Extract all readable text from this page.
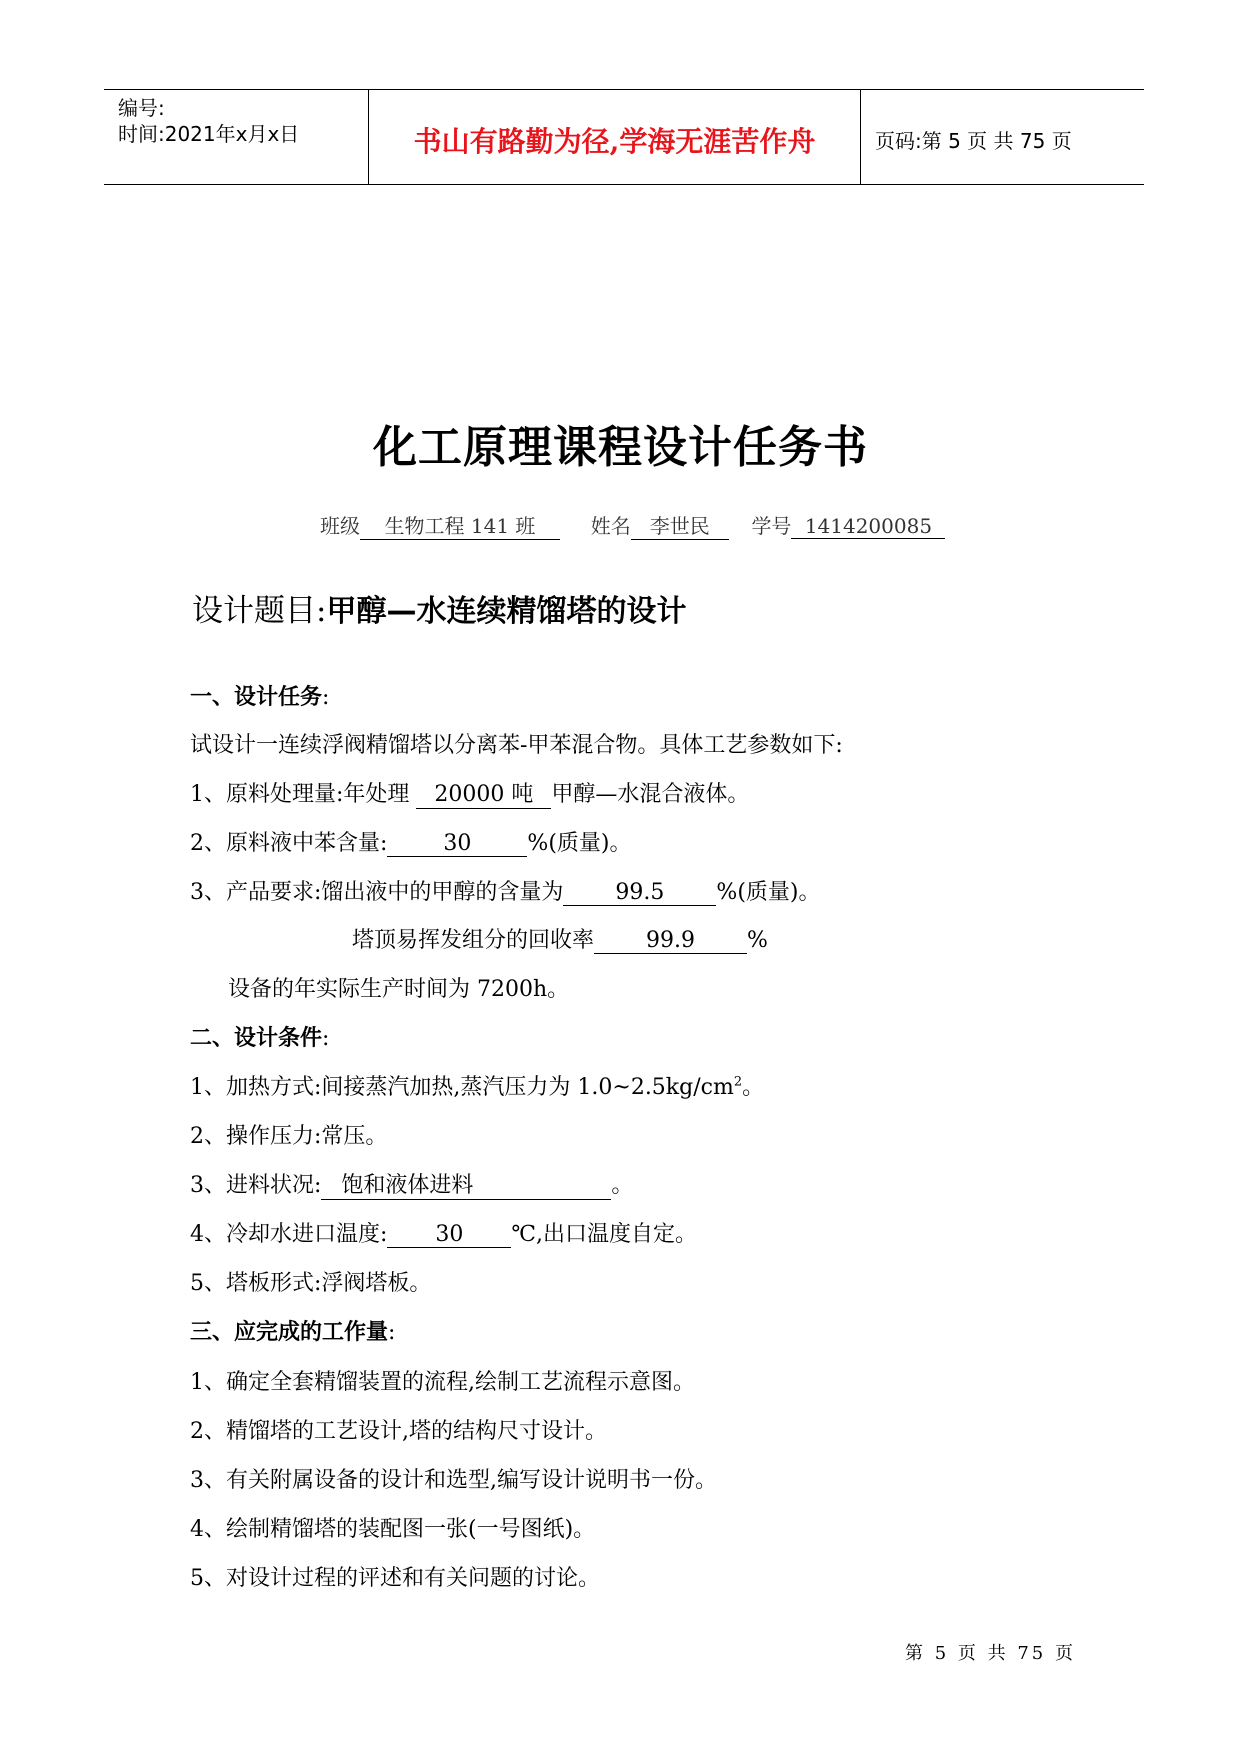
编号:
时间:2021年x月x日	书山有路勤为径,学海无涯苦作舟	页码:第 5 页 共 75 页
化工原理课程设计任务书
班级 生物工程 141 班	姓名 李世民 学号 1414200085
设计题目:甲醇—水连续精馏塔的设计
一、设计任务:
试设计一连续浮阀精馏塔以分离苯-甲苯混合物。具体工艺参数如下:
1、原料处理量:年处理 20000 吨 甲醇—水混合液体。
2、原料液中苯含量:	30	%(质量)。
3、产品要求:馏出液中的甲醇的含量为 99.5 %(质量)。
塔顶易挥发组分的回收率 99.9 %
设备的年实际生产时间为 7200h。
二、设计条件:
1、加热方式:间接蒸汽加热,蒸汽压力为 $1.0\sim 2.5kg/cm^2$。
2、操作压力:常压。
3、进料状况: 饱和液体进料	。
4、冷却水进口温度: 30 ℃,出口温度自定。
5、塔板形式:浮阀塔板。
三、应完成的工作量:
1、确定全套精馏装置的流程,绘制工艺流程示意图。
2、精馏塔的工艺设计,塔的结构尺寸设计。
3、有关附属设备的设计和选型,编写设计说明书一份。
4、绘制精馏塔的装配图一张(一号图纸)。
5、对设计过程的评述和有关问题的讨论。
第 5 页 共 75 页
